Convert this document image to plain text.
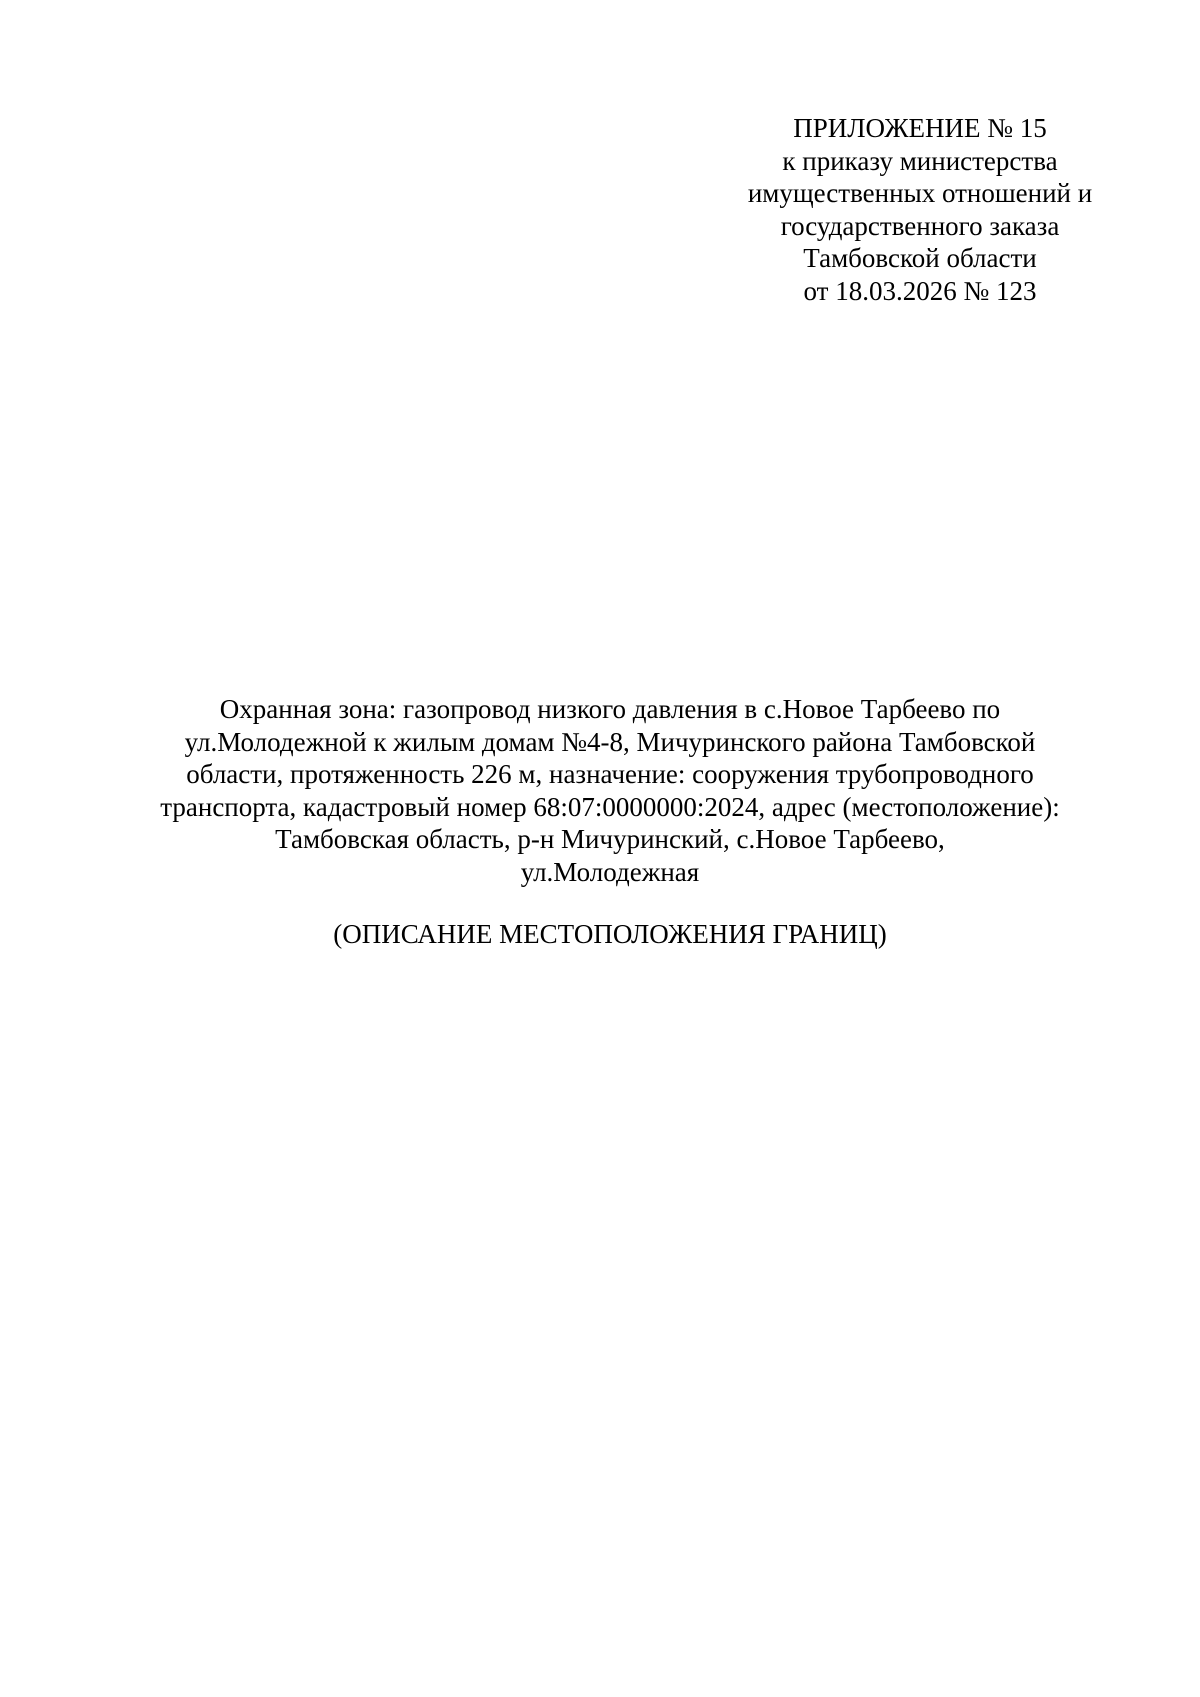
ПРИЛОЖЕНИЕ № 15
к приказу министерства
имущественных отношений и
государственного заказа
Тамбовской области
от 18.03.2026 № 123
Охранная зона: газопровод низкого давления в с.Новое Тарбеево по
ул.Молодежной к жилым домам №4-8, Мичуринского района Тамбовской
области, протяженность 226 м, назначение: сооружения трубопроводного
транспорта, кадастровый номер 68:07:0000000:2024, адрес (местоположение):
Тамбовская область, р-н Мичуринский, с.Новое Тарбеево,
ул.Молодежная
(ОПИСАНИЕ МЕСТОПОЛОЖЕНИЯ ГРАНИЦ)
